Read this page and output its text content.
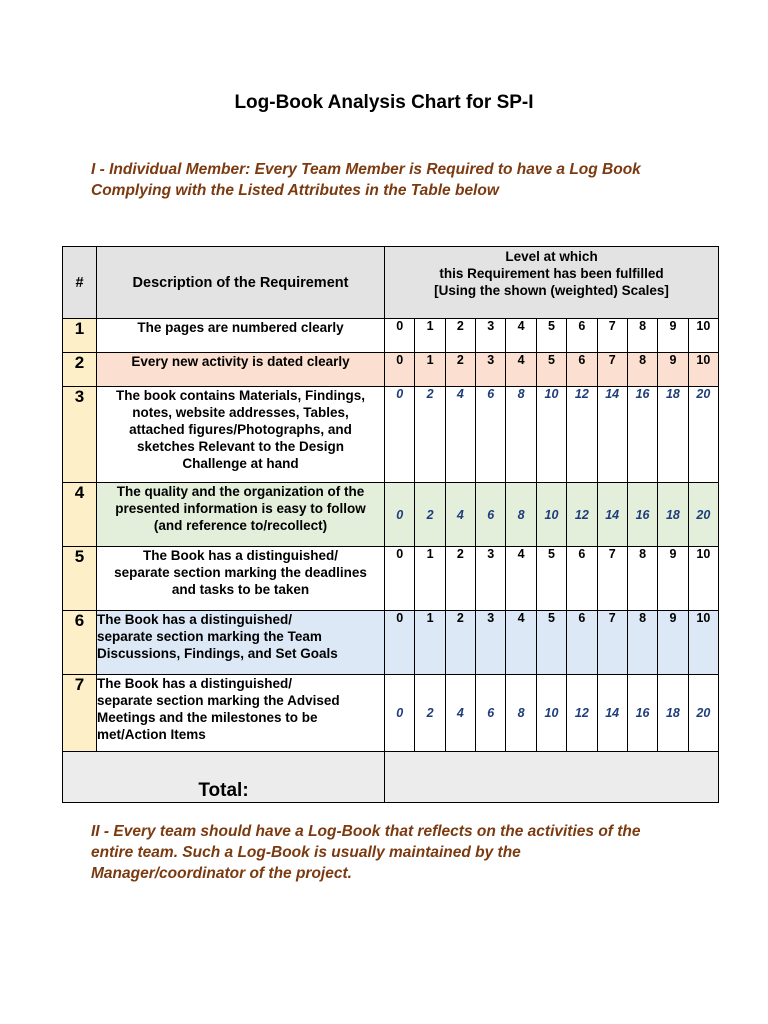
Log-Book Analysis Chart for SP-I
I - Individual Member: Every Team Member is Required to have a Log Book
Complying with the Listed Attributes in the Table below
#	Description of the Requirement	Level at which
this Requirement has been fulfilled
[Using the shown (weighted) Scales]										

1	The pages are numbered clearly	0	1	2	3	4	5	6	7	8	9	10
2	Every new activity is dated clearly	0	1	2	3	4	5	6	7	8	9	10
3	The book contains Materials, Findings,
notes, website addresses, Tables,
attached figures/Photographs, and
sketches Relevant to the Design
Challenge at hand	0	2	4	6	8	10	12	14	16	18	20
4	The quality and the organization of the
presented information is easy to follow
(and reference to/recollect)	0	2	4	6	8	10	12	14	16	18	20
5	The Book has a distinguished/
separate section marking the deadlines
and tasks to be taken	0	1	2	3	4	5	6	7	8	9	10
6	The Book has a distinguished/
separate section marking the Team
Discussions, Findings, and Set Goals	0	1	2	3	4	5	6	7	8	9	10
7	The Book has a distinguished/
separate section marking the Advised
Meetings and the milestones to be
met/Action Items	0	2	4	6	8	10	12	14	16	18	20
Total:												
II - Every team should have a Log-Book that reflects on the activities of the
entire team. Such a Log-Book is usually maintained by the
Manager/coordinator of the project.
